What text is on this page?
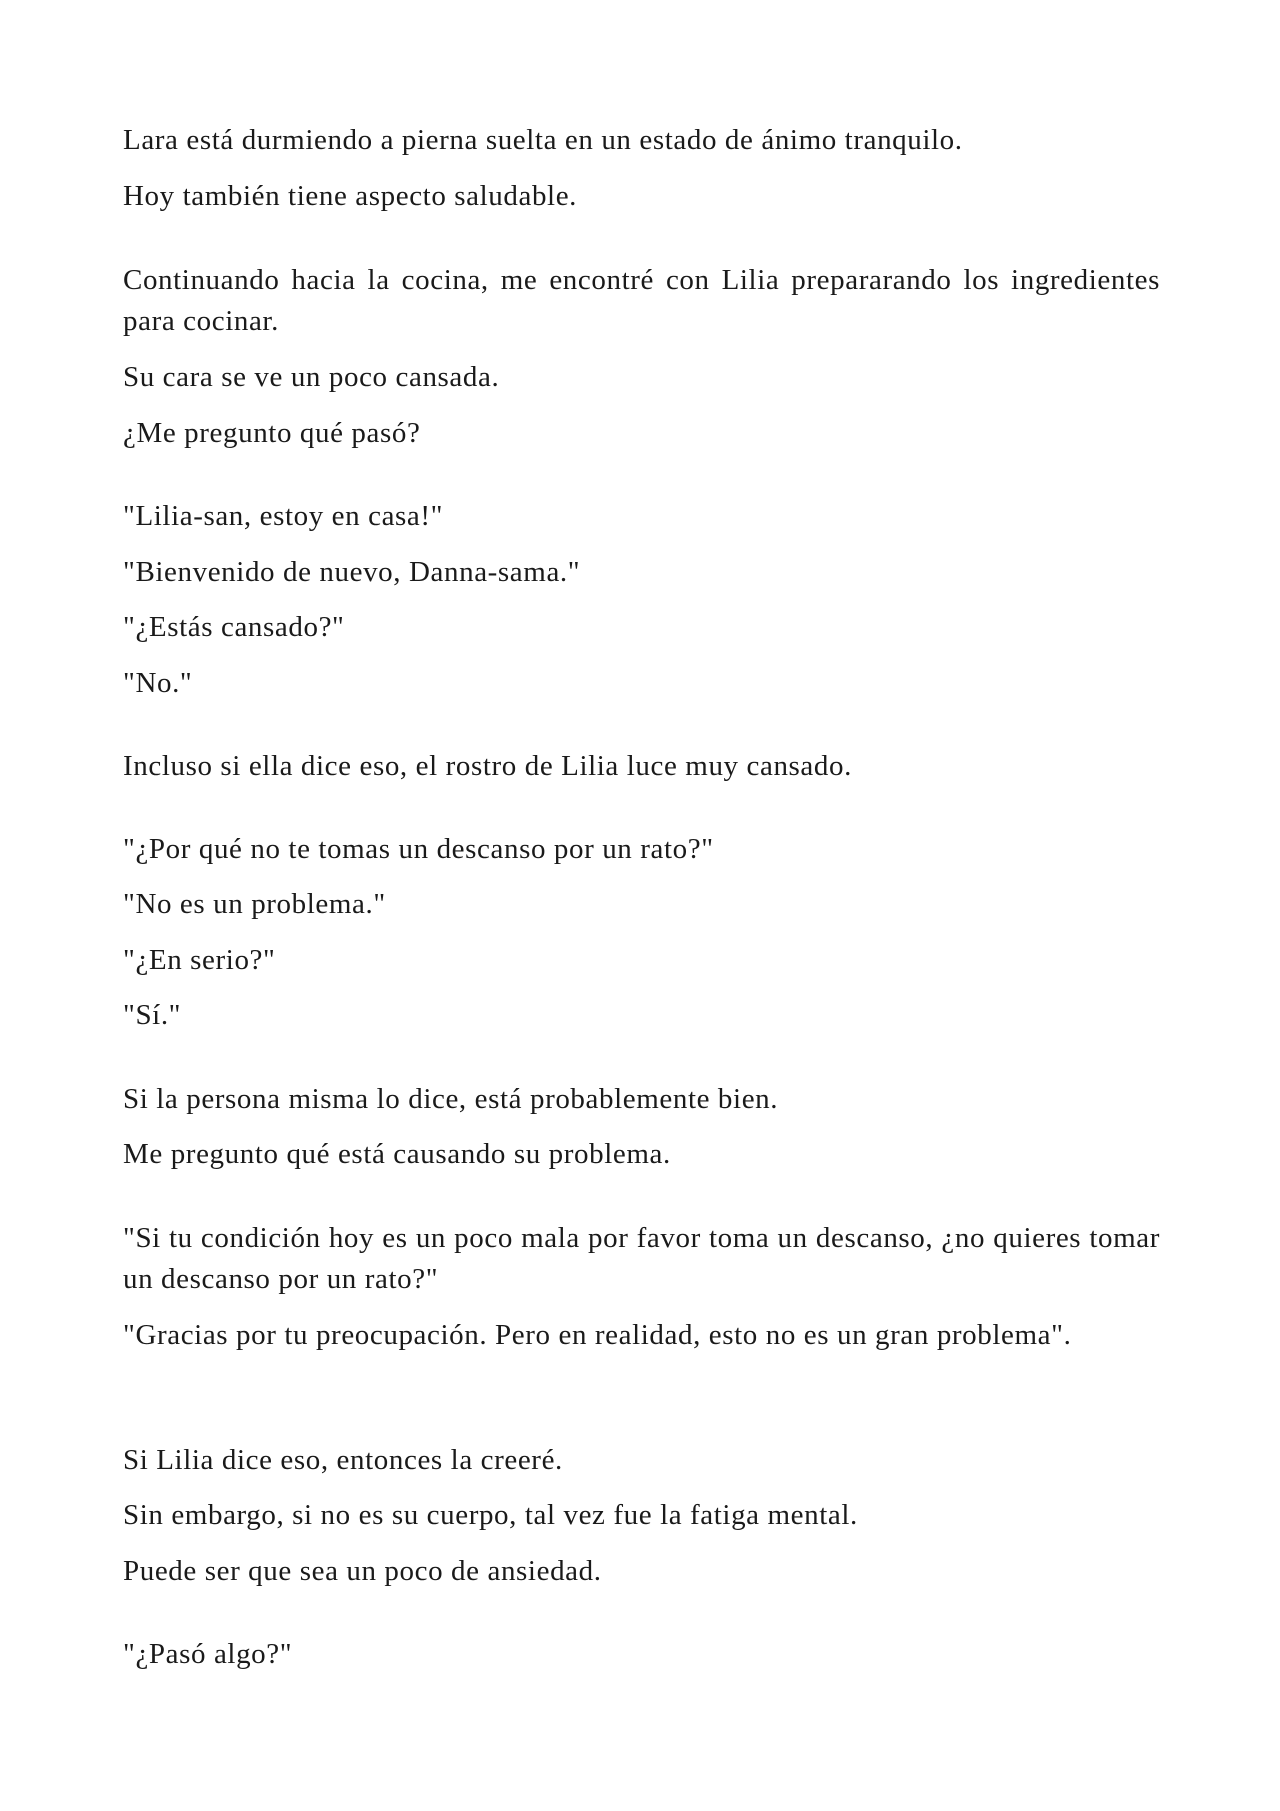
Lara está durmiendo a pierna suelta en un estado de ánimo tranquilo.

Hoy también tiene aspecto saludable.

Continuando hacia la cocina, me encontré con Lilia prepararando los ingredientes para cocinar.

Su cara se ve un poco cansada.

¿Me pregunto qué pasó?

"Lilia-san, estoy en casa!"

"Bienvenido de nuevo, Danna-sama."

"¿Estás cansado?"

"No."

Incluso si ella dice eso, el rostro de Lilia luce muy cansado.

"¿Por qué no te tomas un descanso por un rato?"

"No es un problema."

"¿En serio?"

"Sí."

Si la persona misma lo dice, está probablemente bien.

Me pregunto qué está causando su problema.

"Si tu condición hoy es un poco mala por favor toma un descanso, ¿no quieres tomar un descanso por un rato?"

"Gracias por tu preocupación. Pero en realidad, esto no es un gran problema".

Si Lilia dice eso, entonces la creeré.

Sin embargo, si no es su cuerpo, tal vez fue la fatiga mental.

Puede ser que sea un poco de ansiedad.

"¿Pasó algo?"
